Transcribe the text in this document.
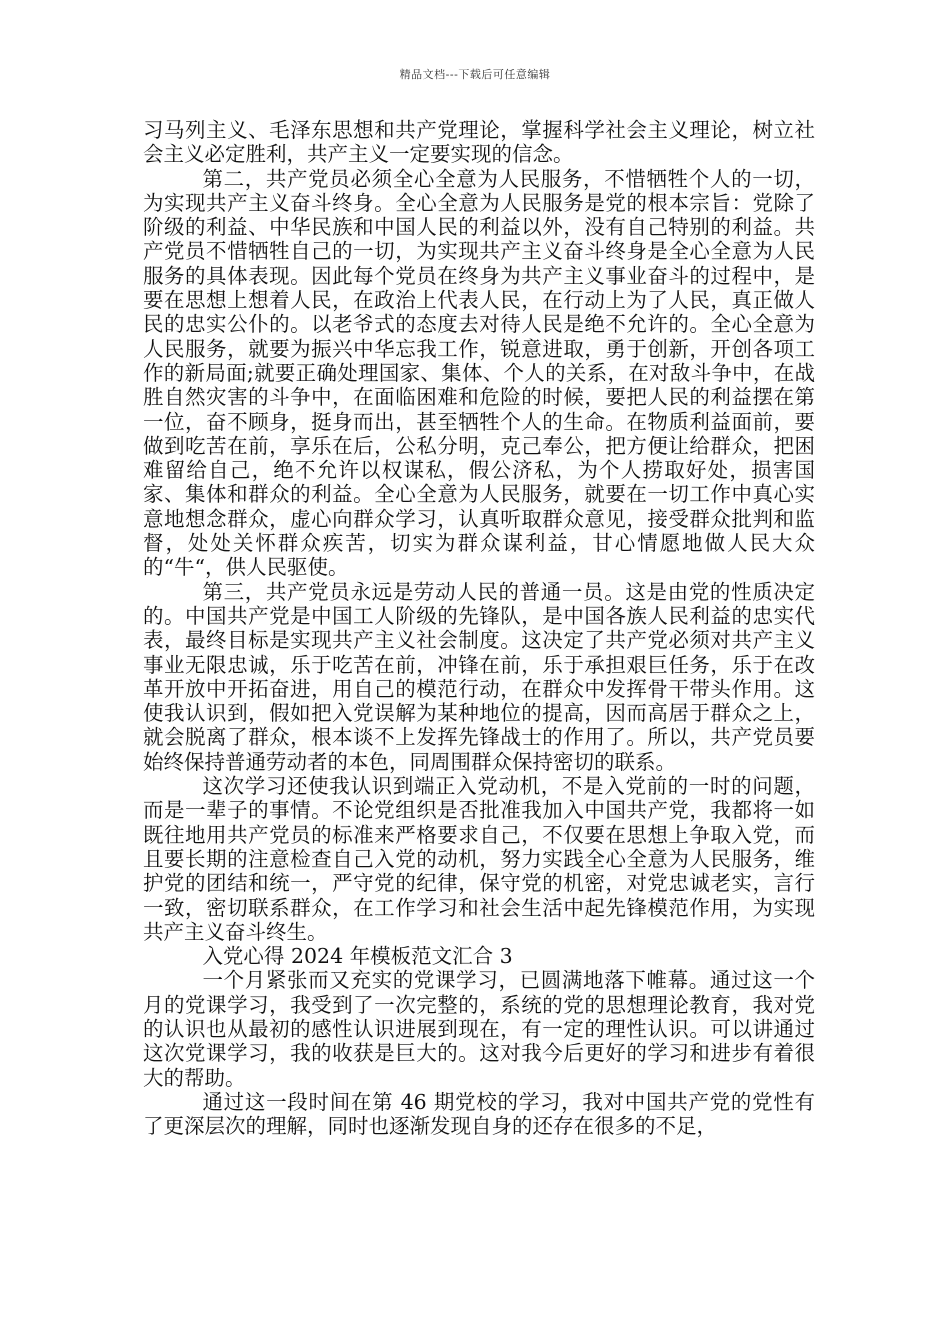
精品文档---下载后可任意编辑

习马列主义、毛泽东思想和共产党理论，掌握科学社会主义理论，树立社会主义必定胜利，共产主义一定要实现的信念。

第二，共产党员必须全心全意为人民服务，不惜牺牲个人的一切，为实现共产主义奋斗终身。全心全意为人民服务是党的根本宗旨：党除了阶级的利益、中华民族和中国人民的利益以外，没有自己特别的利益。共产党员不惜牺牲自己的一切，为实现共产主义奋斗终身是全心全意为人民服务的具体表现。因此每个党员在终身为共产主义事业奋斗的过程中，是要在思想上想着人民，在政治上代表人民，在行动上为了人民，真正做人民的忠实公仆的。以老爷式的态度去对待人民是绝不允许的。全心全意为人民服务，就要为振兴中华忘我工作，锐意进取，勇于创新，开创各项工作的新局面;就要正确处理国家、集体、个人的关系，在对敌斗争中，在战胜自然灾害的斗争中，在面临困难和危险的时候，要把人民的利益摆在第一位，奋不顾身，挺身而出，甚至牺牲个人的生命。在物质利益面前，要做到吃苦在前，享乐在后，公私分明，克己奉公，把方便让给群众，把困难留给自己，绝不允许以权谋私，假公济私，为个人捞取好处，损害国家、集体和群众的利益。全心全意为人民服务，就要在一切工作中真心实意地想念群众，虚心向群众学习，认真听取群众意见，接受群众批判和监督，处处关怀群众疾苦，切实为群众谋利益，甘心情愿地做人民大众的“牛“，供人民驱使。

第三，共产党员永远是劳动人民的普通一员。这是由党的性质决定的。中国共产党是中国工人阶级的先锋队，是中国各族人民利益的忠实代表，最终目标是实现共产主义社会制度。这决定了共产党必须对共产主义事业无限忠诚，乐于吃苦在前，冲锋在前，乐于承担艰巨任务，乐于在改革开放中开拓奋进，用自己的模范行动，在群众中发挥骨干带头作用。这使我认识到，假如把入党误解为某种地位的提高，因而高居于群众之上，就会脱离了群众，根本谈不上发挥先锋战士的作用了。所以，共产党员要始终保持普通劳动者的本色，同周围群众保持密切的联系。

这次学习还使我认识到端正入党动机，不是入党前的一时的问题，而是一辈子的事情。不论党组织是否批准我加入中国共产党，我都将一如既往地用共产党员的标准来严格要求自己，不仅要在思想上争取入党，而且要长期的注意检查自己入党的动机，努力实践全心全意为人民服务，维护党的团结和统一，严守党的纪律，保守党的机密，对党忠诚老实，言行一致，密切联系群众，在工作学习和社会生活中起先锋模范作用，为实现共产主义奋斗终生。

入党心得 2024 年模板范文汇合 3

一个月紧张而又充实的党课学习，已圆满地落下帷幕。通过这一个月的党课学习，我受到了一次完整的，系统的党的思想理论教育，我对党的认识也从最初的感性认识进展到现在，有一定的理性认识。可以讲通过这次党课学习，我的收获是巨大的。这对我今后更好的学习和进步有着很大的帮助。

通过这一段时间在第 46 期党校的学习，我对中国共产党的党性有了更深层次的理解，同时也逐渐发现自身的还存在很多的不足，
